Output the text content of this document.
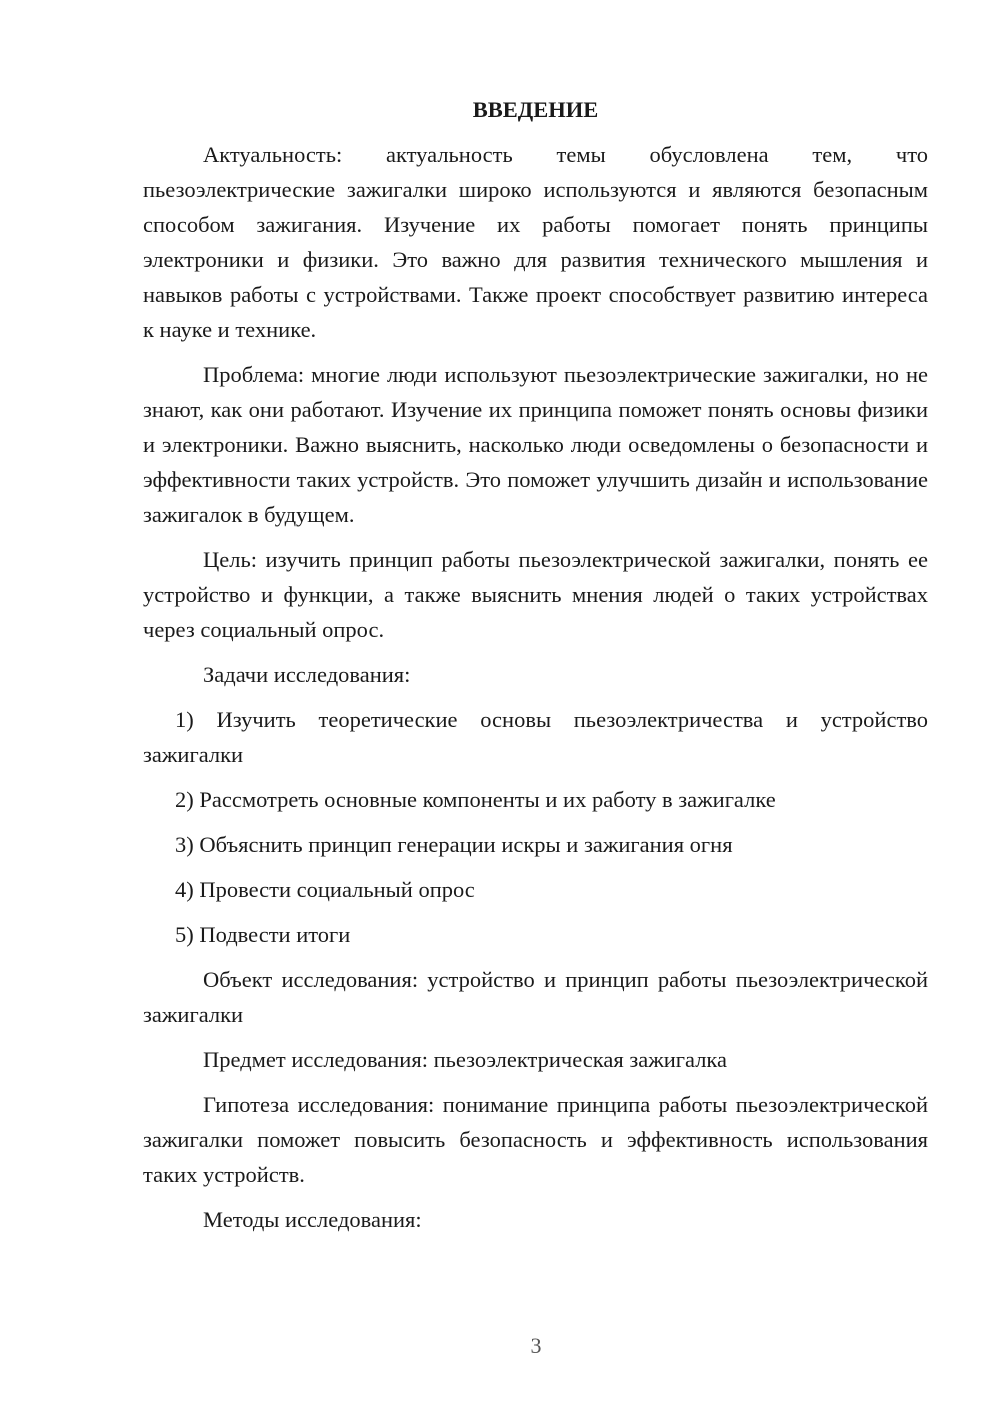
ВВЕДЕНИЕ

Актуальность: актуальность темы обусловлена тем, что пьезоэлектрические зажигалки широко используются и являются безопасным способом зажигания. Изучение их работы помогает понять принципы электроники и физики. Это важно для развития технического мышления и навыков работы с устройствами. Также проект способствует развитию интереса к науке и технике.

Проблема: многие люди используют пьезоэлектрические зажигалки, но не знают, как они работают. Изучение их принципа поможет понять основы физики и электроники. Важно выяснить, насколько люди осведомлены о безопасности и эффективности таких устройств. Это поможет улучшить дизайн и использование зажигалок в будущем.

Цель: изучить принцип работы пьезоэлектрической зажигалки, понять ее устройство и функции, а также выяснить мнения людей о таких устройствах через социальный опрос.

Задачи исследования:

1) Изучить теоретические основы пьезоэлектричества и устройство зажигалки

2) Рассмотреть основные компоненты и их работу в зажигалке

3) Объяснить принцип генерации искры и зажигания огня

4) Провести социальный опрос

5) Подвести итоги

Объект исследования: устройство и принцип работы пьезоэлектрической зажигалки

Предмет исследования: пьезоэлектрическая зажигалка

Гипотеза исследования: понимание принципа работы пьезоэлектрической зажигалки поможет повысить безопасность и эффективность использования таких устройств.

Методы исследования:

3
